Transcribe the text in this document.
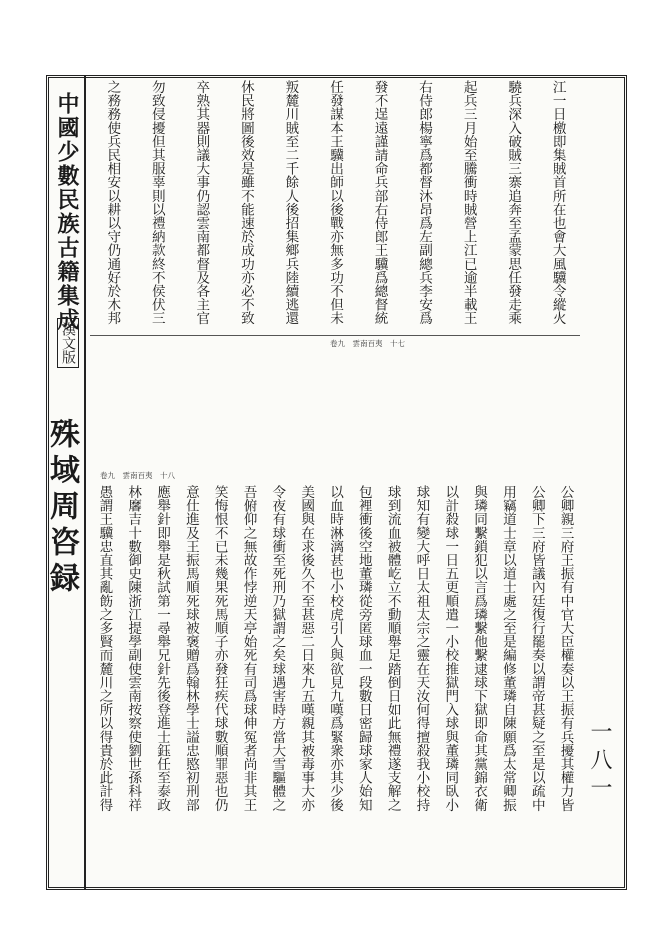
中國少數民族古籍集成
漢文版
殊域周咨録
之務務使兵民相安以耕以守仍通好於木邦
勿致侵擾但其服辜則以禮納款終不侯伏三
卒熟其器則議大事仍認雲南都督及各主官
休民將圖後效是雖不能速於成功亦必不致
叛麓川賊至二千餘人後招集鄉兵陸續逃還
任發謀本王驥出師以後戰亦無多功不但未
發不逞遠謹請命兵部右侍郎王驥爲總督統
右侍郎楊寧爲都督沐昂爲左副總兵李安爲
起兵三月始至騰衝時賊營上江已逾半載王
驍兵深入破賊三寨追奔至孟蒙思任發走乘
江一日檄即集賊首所在也會大風驥令縱火
愚謂王驥忠直其亂飭之多賢而麓川之所以得貴於此計得 林黁吉十數御史陳浙江提學副使雲南按察使劉世孫科祥
應舉針即舉是秋試第一尋舉兄針先後登進士鈺任至泰政
意仕進及王振馬順死球被褒贈爲翰林學士謚忠愍初刑部
笑悔恨不已未幾果死馬順子亦發狂疾代球數順罪惡也仍
吾俯仰之無故作悖逆天亭始死有司爲球伸冤者尚非其王
令夜有球衝至死刑乃獄謂之矣球遇害時方當大雪驅體之 美國與在求後久不至甚惡二日來九五嘆親其被毒事大亦 以血時淋漓甚也小校虎引人與欲見九嘆爲緊衆亦其少後 包裡衝後空地董璘從旁匿球血一段數日密歸球家人始知
球到流血被體屹立不動順舉足踏倒日如此無禮遂支解之
球知有變大呼日太祖太宗之靈在天汝何得擅殺我小校持
以計殺球一日五更順遣一小校推獄門入球與董璘同臥小
與璘同繫鎖犯以言爲璘繫他繫逮球下獄即命其黨錦衣衛
用竊道士章以道士處之至是編修董璘自陳願爲太常卿振
公卿下三府皆議內廷復行罷奏以謂帝甚疑之至是以疏中
公卿親三府王振有中官大臣權奏以王振有兵擾其權力皆
卷九　雲南百夷　十七
卷九　雲南百夷　十八
一八一
